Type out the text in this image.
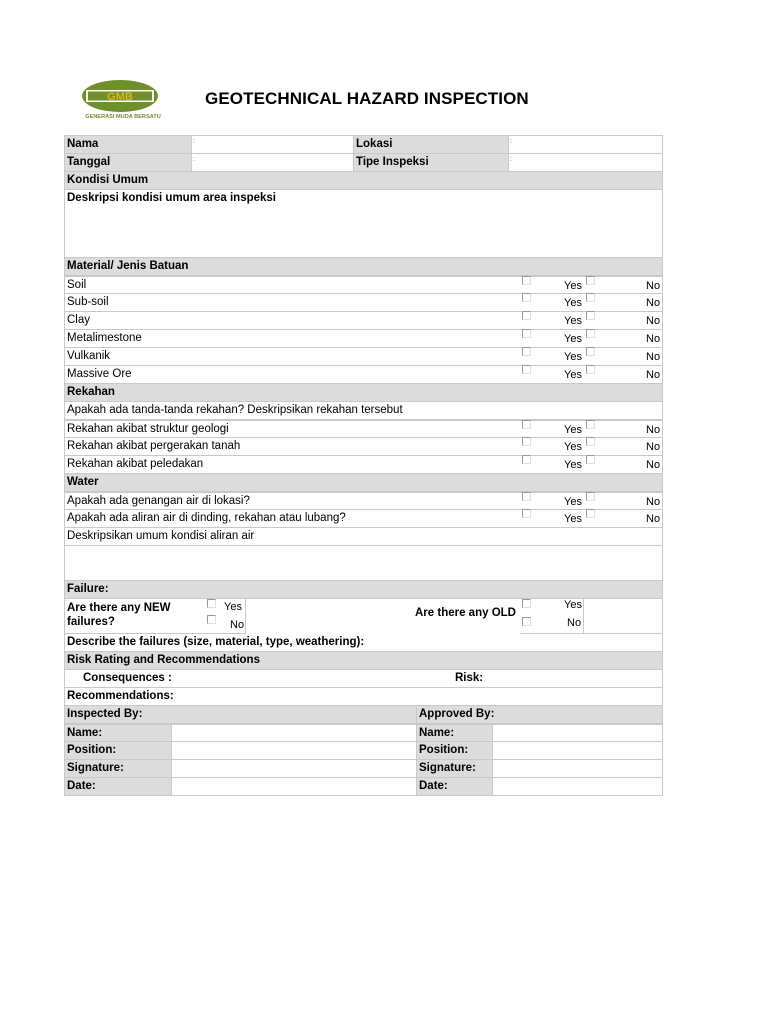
GMB
GENERASI MUDA BERSATU
GEOTECHNICAL HAZARD INSPECTION
Nama	:	Lokasi	:
Tanggal	:	Tipe Inspeksi	:
Kondisi Umum
Deskripsi kondisi umum area inspeksi
Material/ Jenis Batuan
Soil	Yes	No
Sub-soil	Yes	No
Clay	Yes	No
Metalimestone	Yes	No
Vulkanik	Yes	No
Massive Ore	Yes	No
Rekahan
Apakah ada tanda-tanda rekahan? Deskripsikan rekahan tersebut
Rekahan akibat struktur geologi	Yes	No
Rekahan akibat pergerakan tanah	Yes	No
Rekahan akibat peledakan	Yes	No
Water
Apakah ada genangan air di lokasi?	Yes	No
Apakah ada aliran air di dinding, rekahan atau lubang?	Yes	No
Deskripsikan umum kondisi aliran air
Failure:
Are there any NEW failures?
Yes
No
Are there any OLD
Yes
No
Describe the failures (size, material, type, weathering):
Risk Rating and Recommendations
Consequences :	Risk:
Recommendations:
Inspected By:	Approved By:
Name:	Name:
Position:	Position:
Signature:	Signature:
Date:	Date:
